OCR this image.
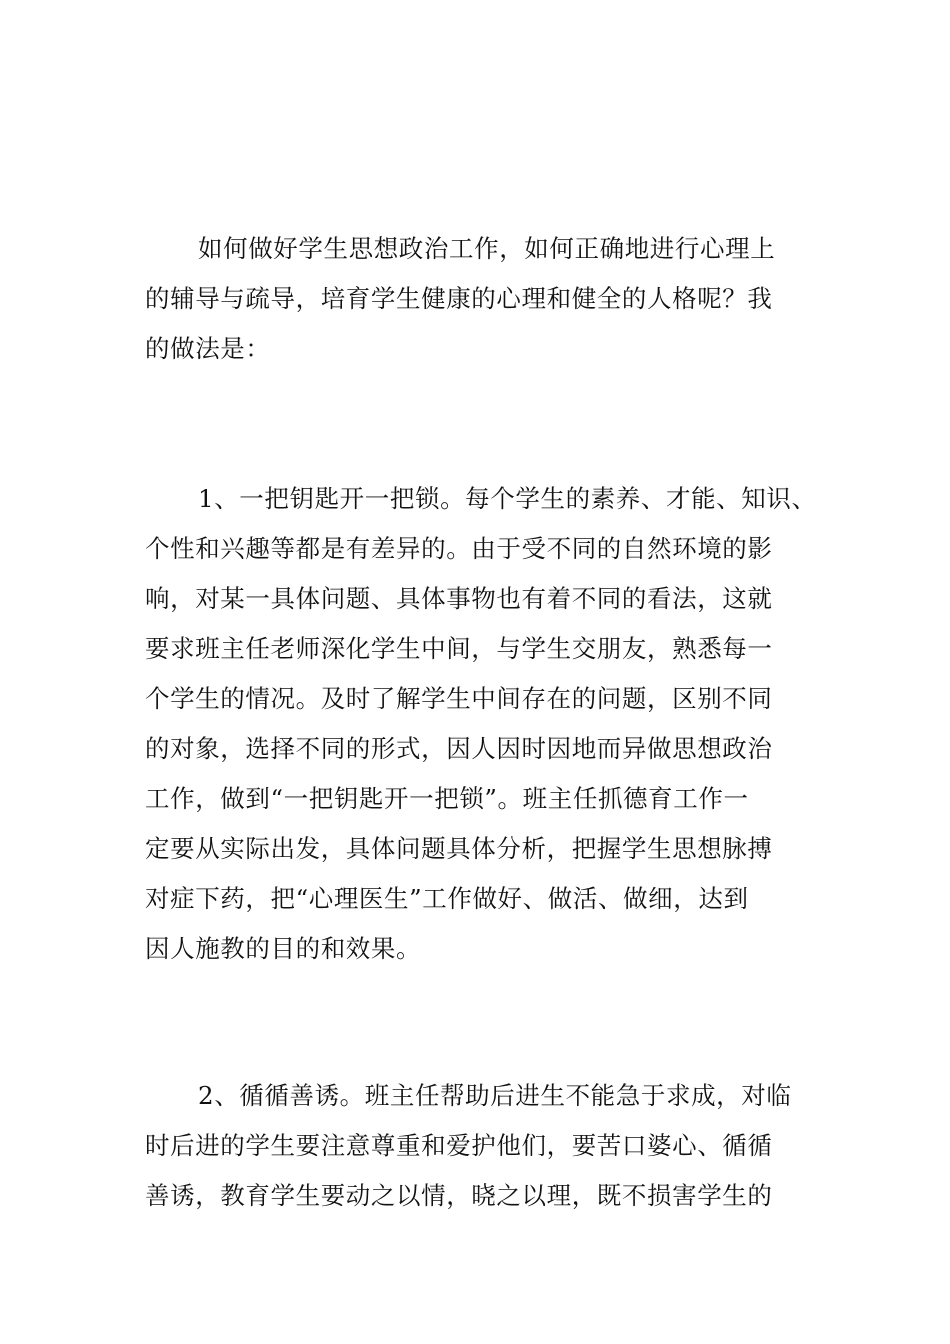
如何做好学生思想政治工作，如何正确地进行心理上
的辅导与疏导，培育学生健康的心理和健全的人格呢？我
的做法是：
1、一把钥匙开一把锁。每个学生的素养、才能、知识、
个性和兴趣等都是有差异的。由于受不同的自然环境的影
响，对某一具体问题、具体事物也有着不同的看法，这就
要求班主任老师深化学生中间，与学生交朋友，熟悉每一
个学生的情况。及时了解学生中间存在的问题，区别不同
的对象，选择不同的形式，因人因时因地而异做思想政治
工作，做到“一把钥匙开一把锁”。班主任抓德育工作一
定要从实际出发，具体问题具体分析，把握学生思想脉搏
对症下药，把“心理医生”工作做好、做活、做细，达到
因人施教的目的和效果。
2、循循善诱。班主任帮助后进生不能急于求成，对临
时后进的学生要注意尊重和爱护他们，要苦口婆心、循循
善诱，教育学生要动之以情，晓之以理，既不损害学生的
